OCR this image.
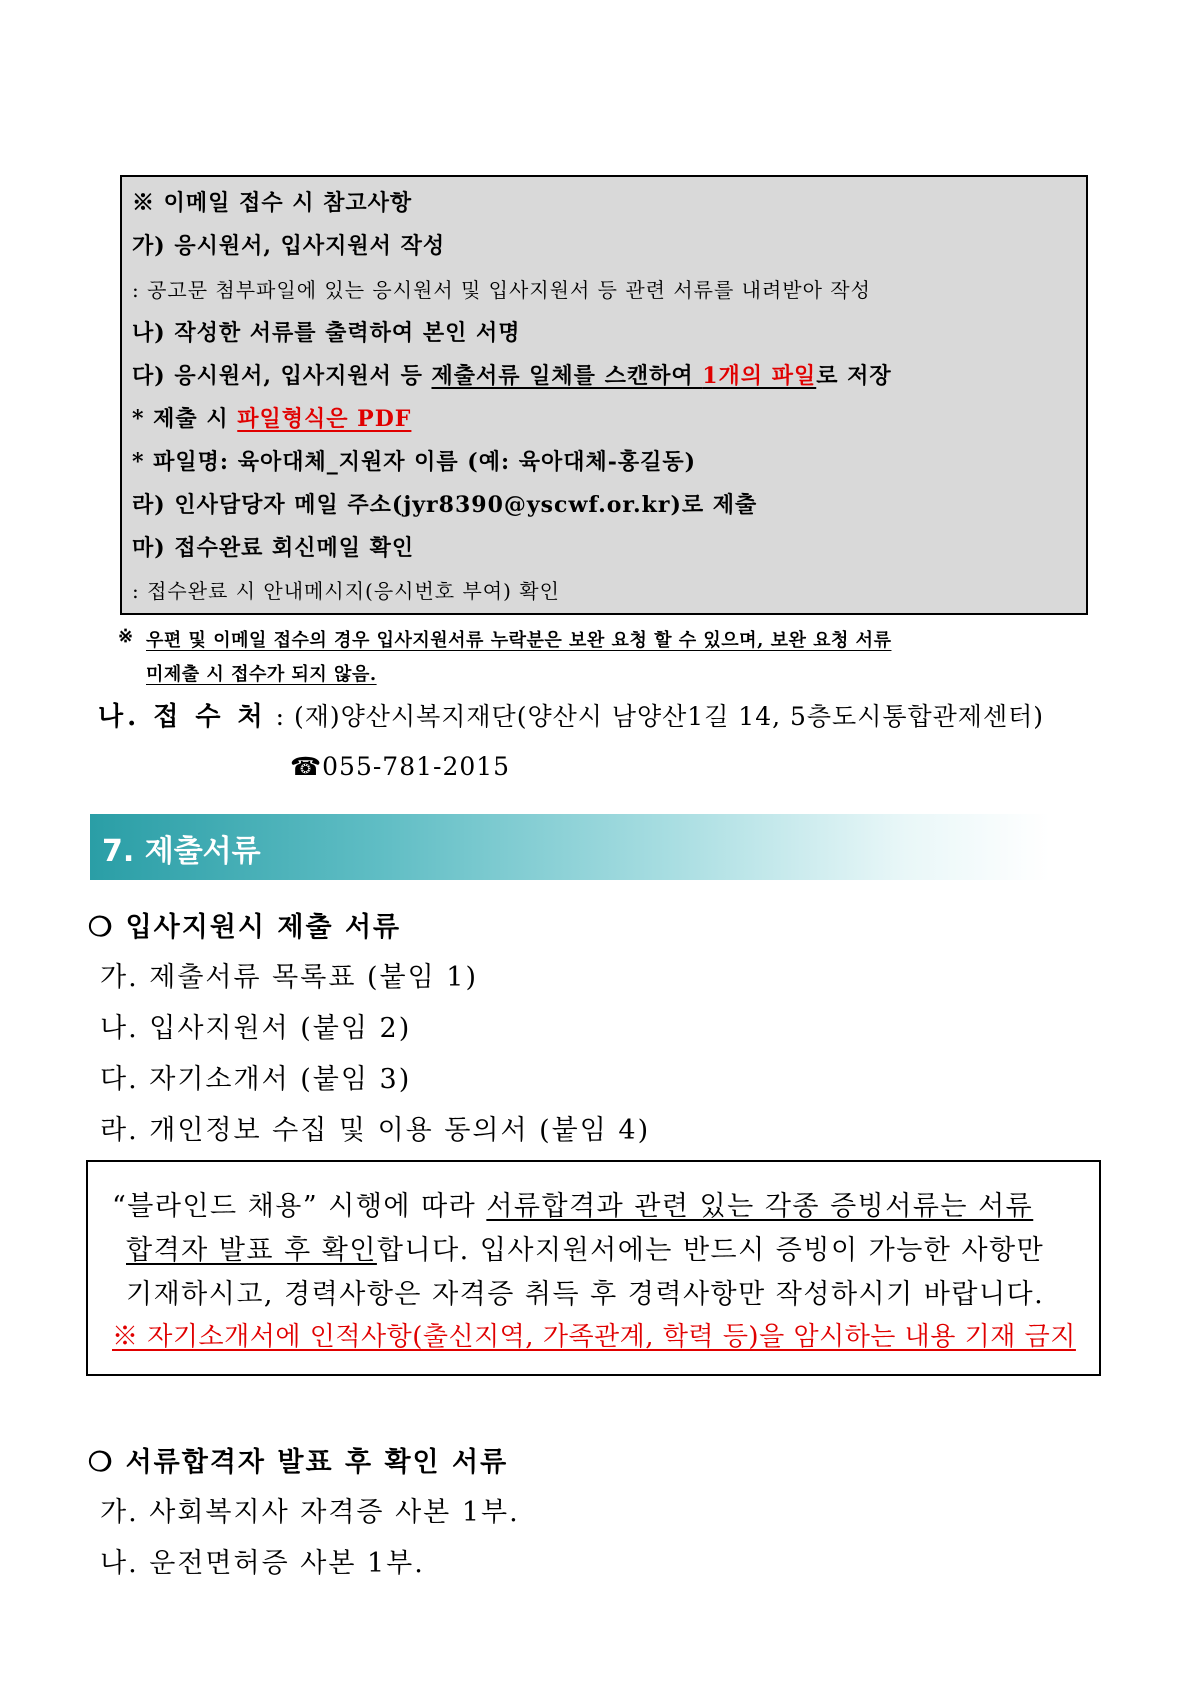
※ 이메일 접수 시 참고사항
가) 응시원서, 입사지원서 작성
: 공고문 첨부파일에 있는 응시원서 및 입사지원서 등 관련 서류를 내려받아 작성
나) 작성한 서류를 출력하여 본인 서명
다) 응시원서, 입사지원서 등 제출서류 일체를 스캔하여 1개의 파일로 저장
* 제출 시 파일형식은 PDF
* 파일명: 육아대체_지원자 이름 (예: 육아대체-홍길동)
라) 인사담당자 메일 주소(jyr8390@yscwf.or.kr)로 제출
마) 접수완료 회신메일 확인
: 접수완료 시 안내메시지(응시번호 부여) 확인
※ 우편 및 이메일 접수의 경우 입사지원서류 누락분은 보완 요청 할 수 있으며, 보완 요청 서류
미제출 시 접수가 되지 않음.
나. 접 수 처 : (재)양산시복지재단(양산시 남양산1길 14, 5층도시통합관제센터)
☎055-781-2015
7. 제출서류
❍ 입사지원시 제출 서류
가. 제출서류 목록표 (붙임 1)
나. 입사지원서 (붙임 2)
다. 자기소개서 (붙임 3)
라. 개인정보 수집 및 이용 동의서 (붙임 4)
“블라인드 채용” 시행에 따라 서류합격과 관련 있는 각종 증빙서류는 서류
합격자 발표 후 확인합니다. 입사지원서에는 반드시 증빙이 가능한 사항만
기재하시고, 경력사항은 자격증 취득 후 경력사항만 작성하시기 바랍니다.
※ 자기소개서에 인적사항(출신지역, 가족관계, 학력 등)을 암시하는 내용 기재 금지
❍ 서류합격자 발표 후 확인 서류
가. 사회복지사 자격증 사본 1부.
나. 운전면허증 사본 1부.
